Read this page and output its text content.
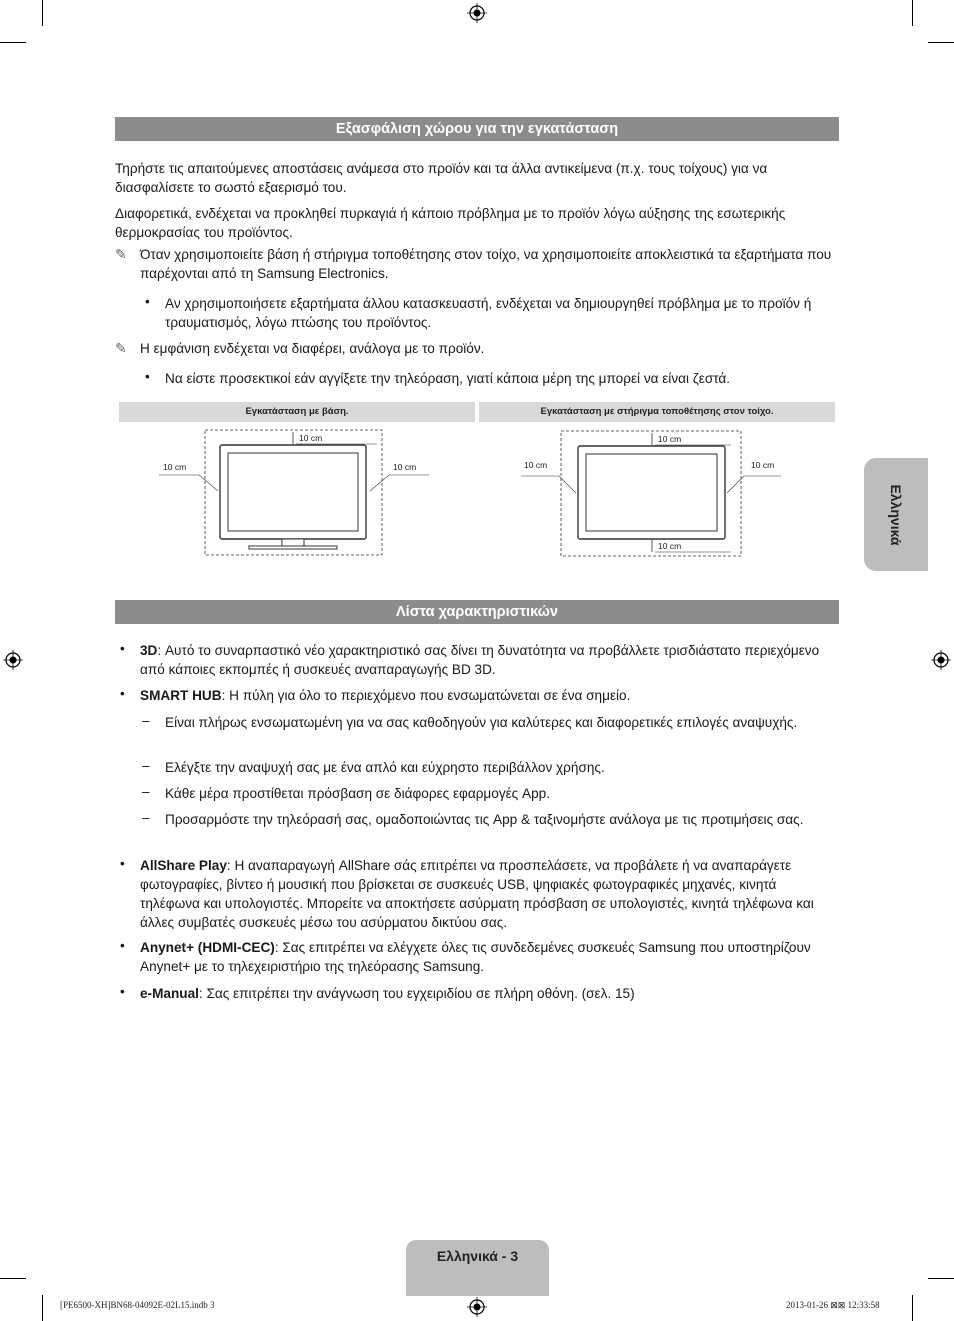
Εξασφάλιση χώρου για την εγκατάσταση

Τηρήστε τις απαιτούμενες αποστάσεις ανάμεσα στο προϊόν και τα άλλα αντικείμενα (π.χ. τους τοίχους) για να διασφαλίσετε το σωστό εξαερισμό του.

Διαφορετικά, ενδέχεται να προκληθεί πυρκαγιά ή κάποιο πρόβλημα με το προϊόν λόγω αύξησης της εσωτερικής θερμοκρασίας του προϊόντος.

✎ Όταν χρησιμοποιείτε βάση ή στήριγμα τοποθέτησης στον τοίχο, να χρησιμοποιείτε αποκλειστικά τα εξαρτήματα που παρέχονται από τη Samsung Electronics.

• Αν χρησιμοποιήσετε εξαρτήματα άλλου κατασκευαστή, ενδέχεται να δημιουργηθεί πρόβλημα με το προϊόν ή τραυματισμός, λόγω πτώσης του προϊόντος.

✎ Η εμφάνιση ενδέχεται να διαφέρει, ανάλογα με το προϊόν.

• Να είστε προσεκτικοί εάν αγγίξετε την τηλεόραση, γιατί κάποια μέρη της μπορεί να είναι ζεστά.

Εγκατάσταση με βάση.	Εγκατάσταση με στήριγμα τοποθέτησης στον τοίχο.
10 cm
10 cm	10 cm
10 cm
10 cm	10 cm
10 cm
Λίστα χαρακτηριστικών
• 3D: Αυτό το συναρπαστικό νέο χαρακτηριστικό σας δίνει τη δυνατότητα να προβάλλετε τρισδιάστατο περιεχόμενο από κάποιες εκπομπές ή συσκευές αναπαραγωγής BD 3D.

• SMART HUB: Η πύλη για όλο το περιεχόμενο που ενσωματώνεται σε ένα σημείο.

– Είναι πλήρως ενσωματωμένη για να σας καθοδηγούν για καλύτερες και διαφορετικές επιλογές αναψυχής.

– Ελέγξτε την αναψυχή σας με ένα απλό και εύχρηστο περιβάλλον χρήσης.

– Κάθε μέρα προστίθεται πρόσβαση σε διάφορες εφαρμογές App.

– Προσαρμόστε την τηλεόρασή σας, ομαδοποιώντας τις App & ταξινομήστε ανάλογα με τις προτιμήσεις σας.

• AllShare Play: Η αναπαραγωγή AllShare σάς επιτρέπει να προσπελάσετε, να προβάλετε ή να αναπαράγετε φωτογραφίες, βίντεο ή μουσική που βρίσκεται σε συσκευές USB, ψηφιακές φωτογραφικές μηχανές, κινητά τηλέφωνα και υπολογιστές. Μπορείτε να αποκτήσετε ασύρματη πρόσβαση σε υπολογιστές, κινητά τηλέφωνα και άλλες συμβατές συσκευές μέσω του ασύρματου δικτύου σας.

• Anynet+ (HDMI-CEC): Σας επιτρέπει να ελέγχετε όλες τις συνδεδεμένες συσκευές Samsung που υποστηρίζουν Anynet+ με το τηλεχειριστήριο της τηλεόρασης Samsung.

• e-Manual: Σας επιτρέπει την ανάγνωση του εγχειριδίου σε πλήρη οθόνη. (σελ. 15)

Ελληνικά
Ελληνικά - 3
[PE6500-XH]BN68-04092E-02L15.indb 3	2013-01-26 ⊠⊠ 12:33:58
